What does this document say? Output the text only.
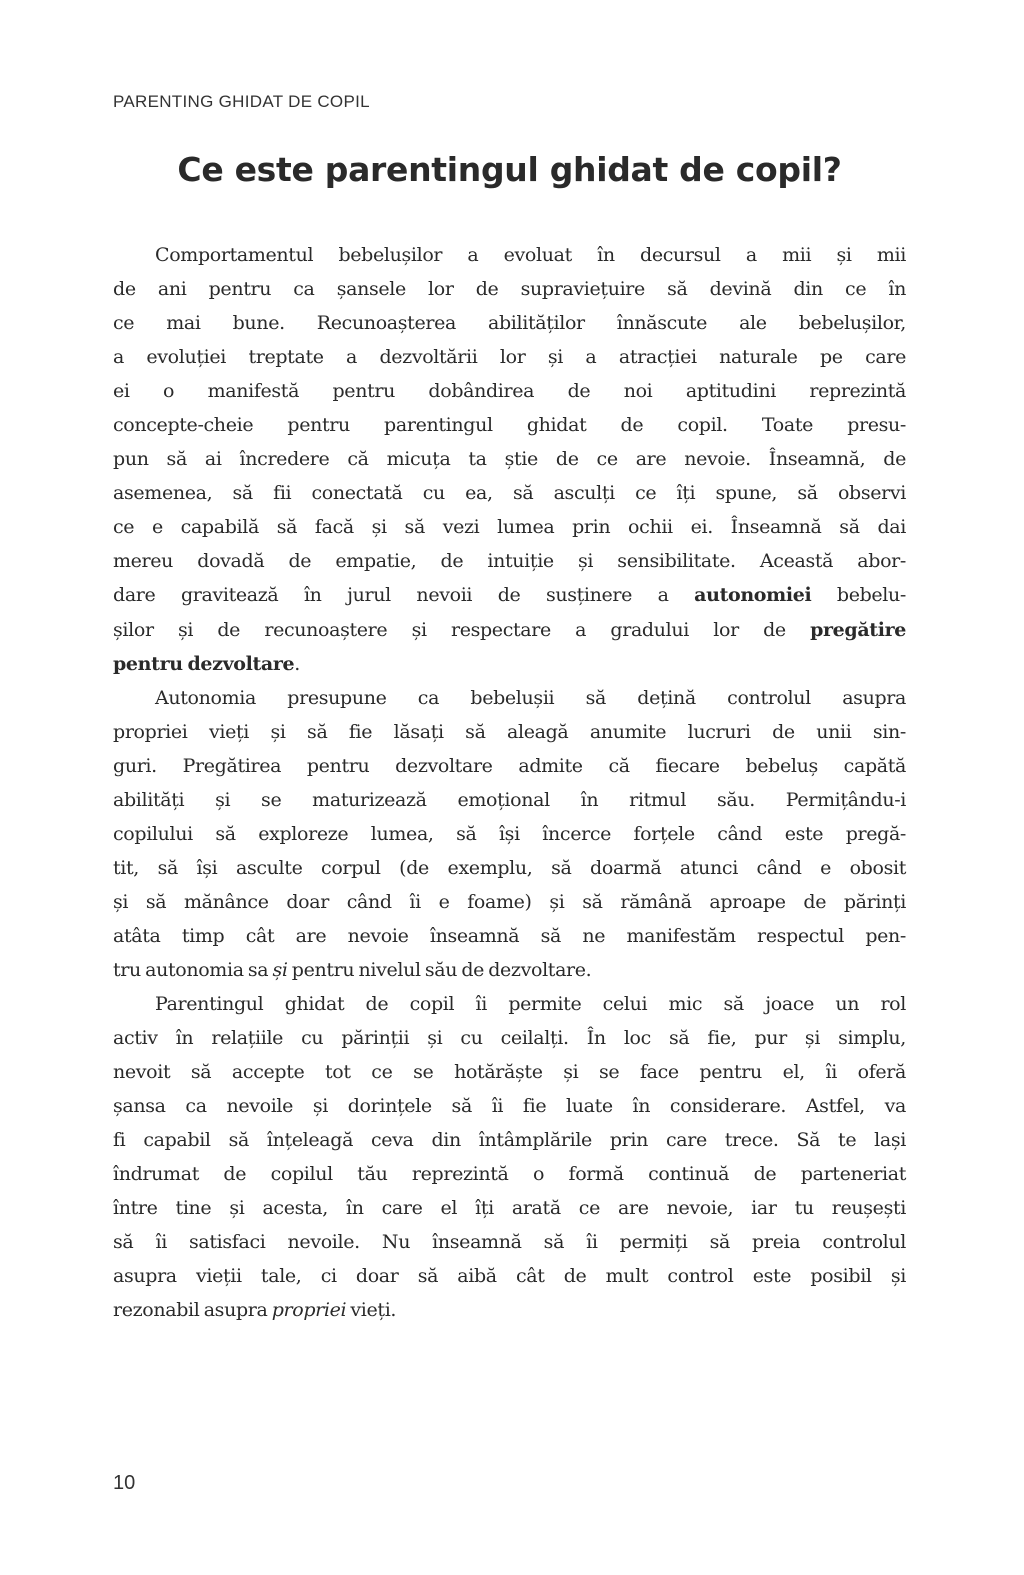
PARENTING GHIDAT DE COPIL
Ce este parentingul ghidat de copil?
Comportamentul bebelușilor a evoluat în decursul a mii și mii
de ani pentru ca șansele lor de supraviețuire să devină din ce în
ce mai bune. Recunoașterea abilităților înnăscute ale bebelușilor,
a evoluției treptate a dezvoltării lor și a atracției naturale pe care
ei o manifestă pentru dobândirea de noi aptitudini reprezintă
concepte-cheie pentru parentingul ghidat de copil. Toate presu-
pun să ai încredere că micuța ta știe de ce are nevoie. Înseamnă, de
asemenea, să fii conectată cu ea, să asculți ce îți spune, să observi
ce e capabilă să facă și să vezi lumea prin ochii ei. Înseamnă să dai
mereu dovadă de empatie, de intuiție și sensibilitate. Această abor-
dare gravitează în jurul nevoii de susținere a autonomiei bebelu-
șilor și de recunoaștere și respectare a gradului lor de pregătire
pentru dezvoltare.
Autonomia presupune ca bebelușii să dețină controlul asupra
propriei vieți și să fie lăsați să aleagă anumite lucruri de unii sin-
guri. Pregătirea pentru dezvoltare admite că fiecare bebeluș capătă
abilități și se maturizează emoțional în ritmul său. Permițându-i
copilului să exploreze lumea, să își încerce forțele când este pregă-
tit, să își asculte corpul (de exemplu, să doarmă atunci când e obosit
și să mănânce doar când îi e foame) și să rămână aproape de părinți
atâta timp cât are nevoie înseamnă să ne manifestăm respectul pen-
tru autonomia sa și pentru nivelul său de dezvoltare.
Parentingul ghidat de copil îi permite celui mic să joace un rol
activ în relațiile cu părinții și cu ceilalți. În loc să fie, pur și simplu,
nevoit să accepte tot ce se hotărăște și se face pentru el, îi oferă
șansa ca nevoile și dorințele să îi fie luate în considerare. Astfel, va
fi capabil să înțeleagă ceva din întâmplările prin care trece. Să te lași
îndrumat de copilul tău reprezintă o formă continuă de parteneriat
între tine și acesta, în care el îți arată ce are nevoie, iar tu reușești
să îi satisfaci nevoile. Nu înseamnă să îi permiți să preia controlul
asupra vieții tale, ci doar să aibă cât de mult control este posibil și
rezonabil asupra propriei vieți.
10
